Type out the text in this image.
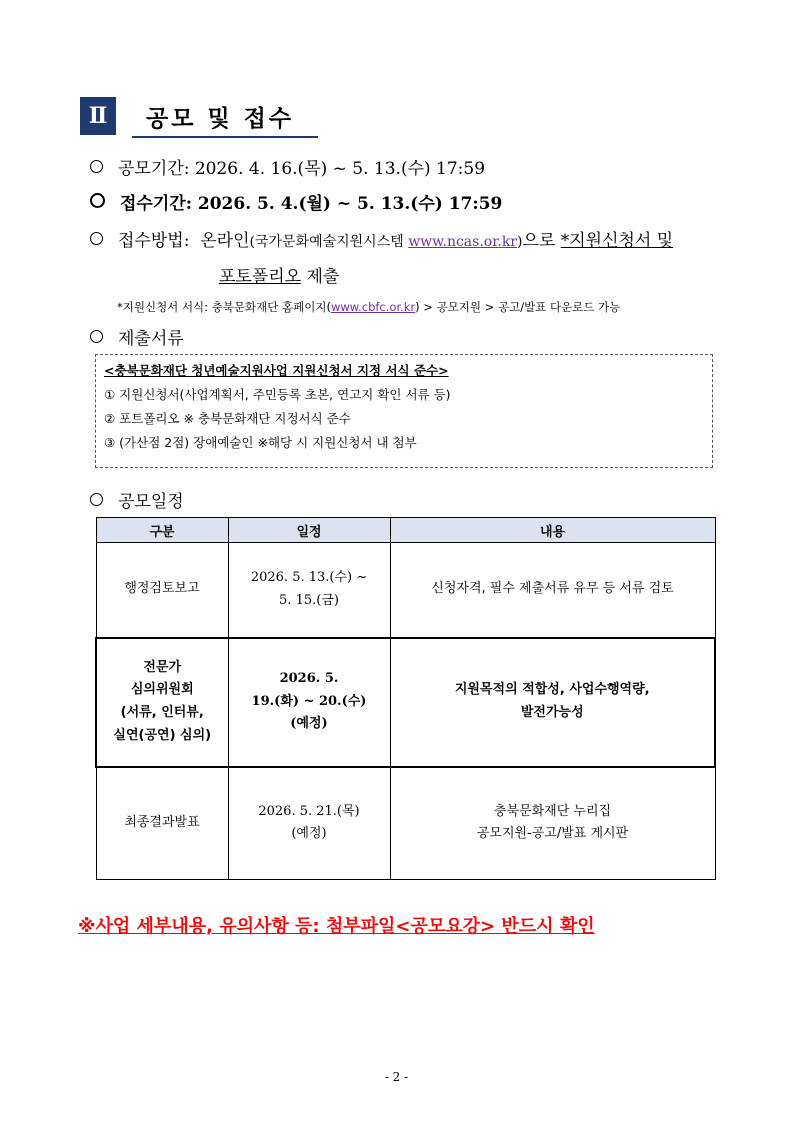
Ⅱ	공모 및 접수
공모기간: 2026. 4. 16.(목) ~ 5. 13.(수) 17:59
접수기간: 2026. 5. 4.(월) ~ 5. 13.(수) 17:59
접수방법: 온라인(국가문화예술지원시스템 www.ncas.or.kr)으로 *지원신청서 및
포토폴리오 제출
*지원신청서 서식: 충북문화재단 홈페이지(www.cbfc.or.kr) > 공모지원 > 공고/발표 다운로드 가능
제출서류
<충북문화재단 청년예술지원사업 지원신청서 지정 서식 준수>
① 지원신청서(사업계획서, 주민등록 초본, 연고지 확인 서류 등)
② 포트폴리오 ※ 충북문화재단 지정서식 준수
③ (가산점 2점) 장애예술인 ※해당 시 지원신청서 내 첨부
공모일정
구분	일정	내용
행정검토보고	2026. 5. 13.(수) ~
5. 15.(금)	신청자격, 필수 제출서류 유무 등 서류 검토
전문가
심의위원회
(서류, 인터뷰,
실연(공연) 심의)	2026. 5.
19.(화) ~ 20.(수)
(예정)	지원목적의 적합성, 사업수행역량,
발전가능성
최종결과발표	2026. 5. 21.(목)
(예정)	충북문화재단 누리집
공모지원-공고/발표 게시판
※사업 세부내용, 유의사항 등: 첨부파일<공모요강> 반드시 확인
- 2 -
